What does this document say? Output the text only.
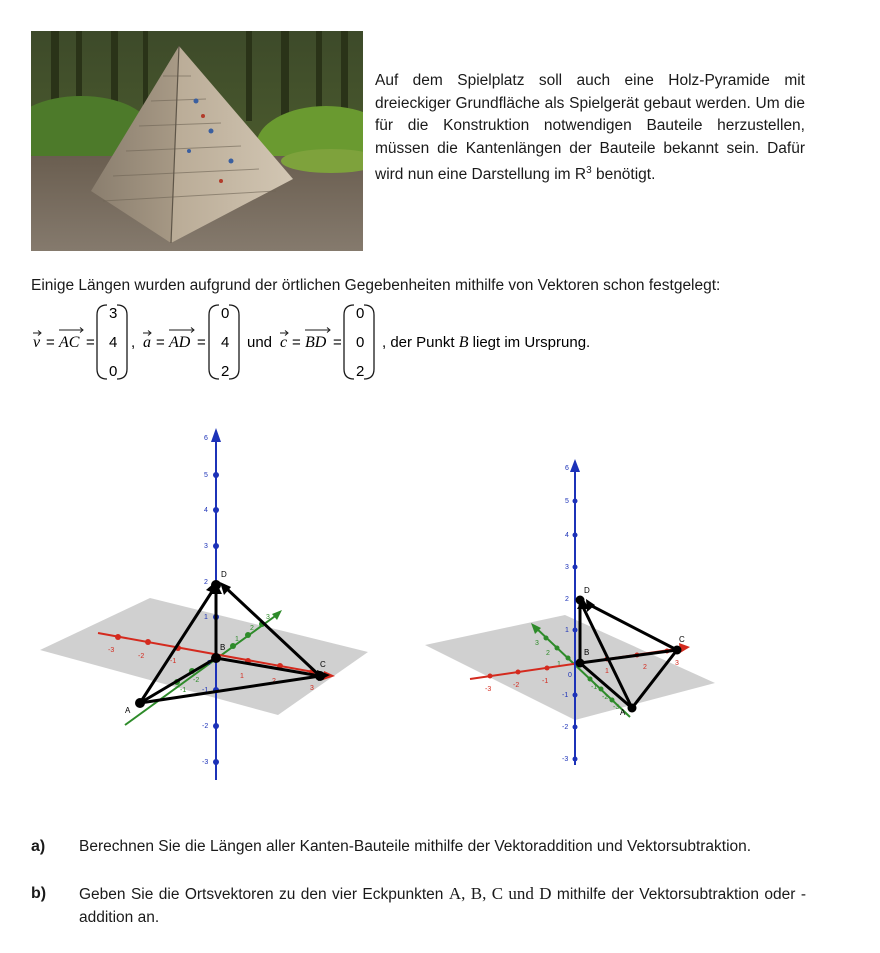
Auf dem Spielplatz soll auch eine Holz-Pyramide mit dreieckiger Grundfläche als Spielgerät gebaut werden. Um die für die Konstruktion notwendigen Bauteile herzustellen, müssen die Kantenlängen der Bauteile bekannt sein. Dafür wird nun eine Darstellung im $R^3$ benötigt.
Einige Längen wurden aufgrund der örtlichen Gegebenheiten mithilfe von Vektoren schon festgelegt:
v = AC =
3
4
0
, a = AD =
0
4
2
und c = BD =
0
0
2
, der Punkt B liegt im Ursprung.
1
2
3
-1
-2
-3
-2
-1
1
2
3
6
5
4
3
2
1
-1
-2
-3
0
A
B
C
D
3
2
1
-1
-2
-3
-3
-2
-1
1
2
3
6
5
4
3
2
1
-1
-2
-3
0
A
B
C
D
a) Berechnen Sie die Längen aller Kanten-Bauteile mithilfe der Vektoraddition und Vektorsubtraktion.
b) Geben Sie die Ortsvektoren zu den vier Eckpunkten A, B, C und D mithilfe der Vektorsubtraktion oder -addition an.
